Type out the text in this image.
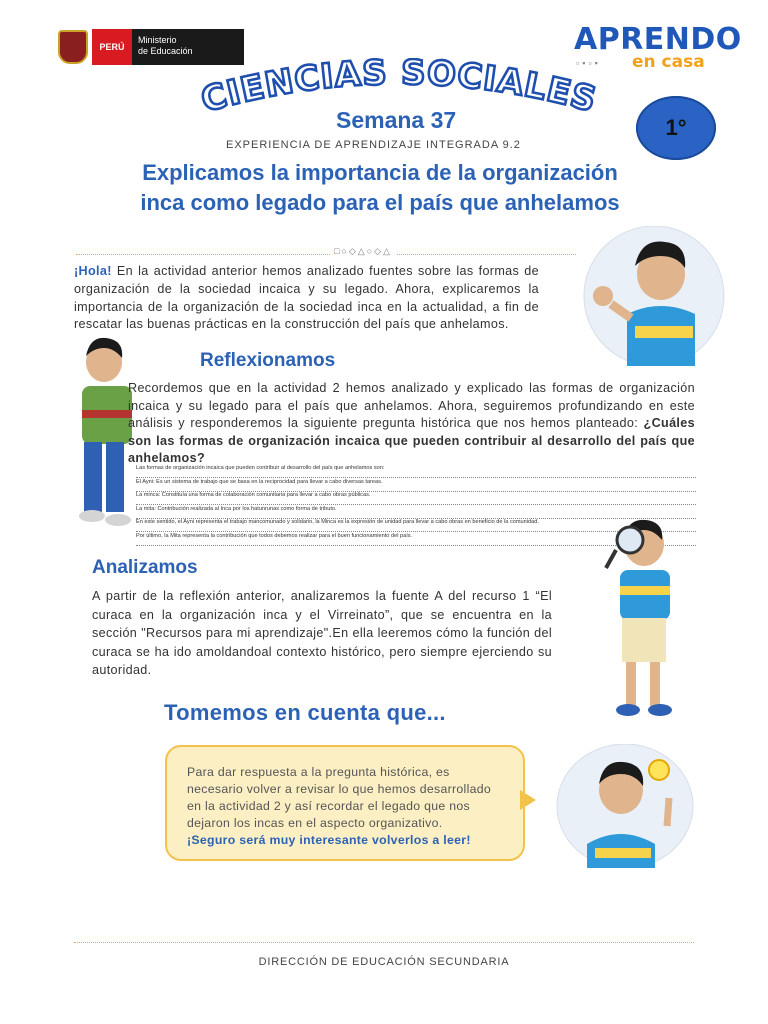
PERÚ
Ministerio
de Educación	APRENDO
▫▪▫▪ en casa
CIENCIAS SOCIALES
Semana 37	1°
EXPERIENCIA DE APRENDIZAJE INTEGRADA 9.2
Explicamos la importancia de la organización
inca como legado para el país que anhelamos
□○◇△○◇△
¡Hola! En la actividad anterior hemos analizado fuentes sobre las formas de organización de la sociedad incaica y su legado. Ahora, explicaremos la importancia de la organización de la sociedad inca en la actualidad, a fin de rescatar las buenas prácticas en la construcción del país que anhelamos.
Reflexionamos
Recordemos que en la actividad 2 hemos analizado y explicado las formas de organización incaica y su legado para el país que anhelamos. Ahora, seguiremos profundizando en este análisis y responderemos la siguiente pregunta histórica que nos hemos planteado: ¿Cuáles son las formas de organización incaica que pueden contribuir al desarrollo del país que anhelamos?
Las formas de organización incaica que pueden contribuir al desarrollo del país que anhelamos son:
El Ayni: Es un sistema de trabajo que se basa en la reciprocidad para llevar a cabo diversas tareas.
La minca: Constituía una forma de colaboración comunitaria para llevar a cabo obras públicas.
La mita: Contribución realizada al Inca por los hatunrunas como forma de tributo.
En este sentido, el Ayni representa el trabajo mancomunado y solidario, la Minca es la expresión de unidad para llevar a cabo obras en beneficio de la comunidad.
Por último, la Mita representa la contribución que todos debemos realizar para el buen funcionamiento del país.
Analizamos
A partir de la reflexión anterior, analizaremos la fuente A del recurso 1 “El curaca en la organización inca y el Virreinato”, que se encuentra en la sección "Recursos para mi aprendizaje".En ella leeremos cómo la función del curaca se ha ido amoldandoal contexto histórico, pero siempre ejerciendo su autoridad.
Tomemos en cuenta que...
Para dar respuesta a la pregunta histórica, es necesario volver a revisar lo que hemos desarrollado en la actividad 2 y así recordar el legado que nos dejaron los incas en el aspecto organizativo.
¡Seguro será muy interesante volverlos a leer!
DIRECCIÓN DE EDUCACIÓN SECUNDARIA
